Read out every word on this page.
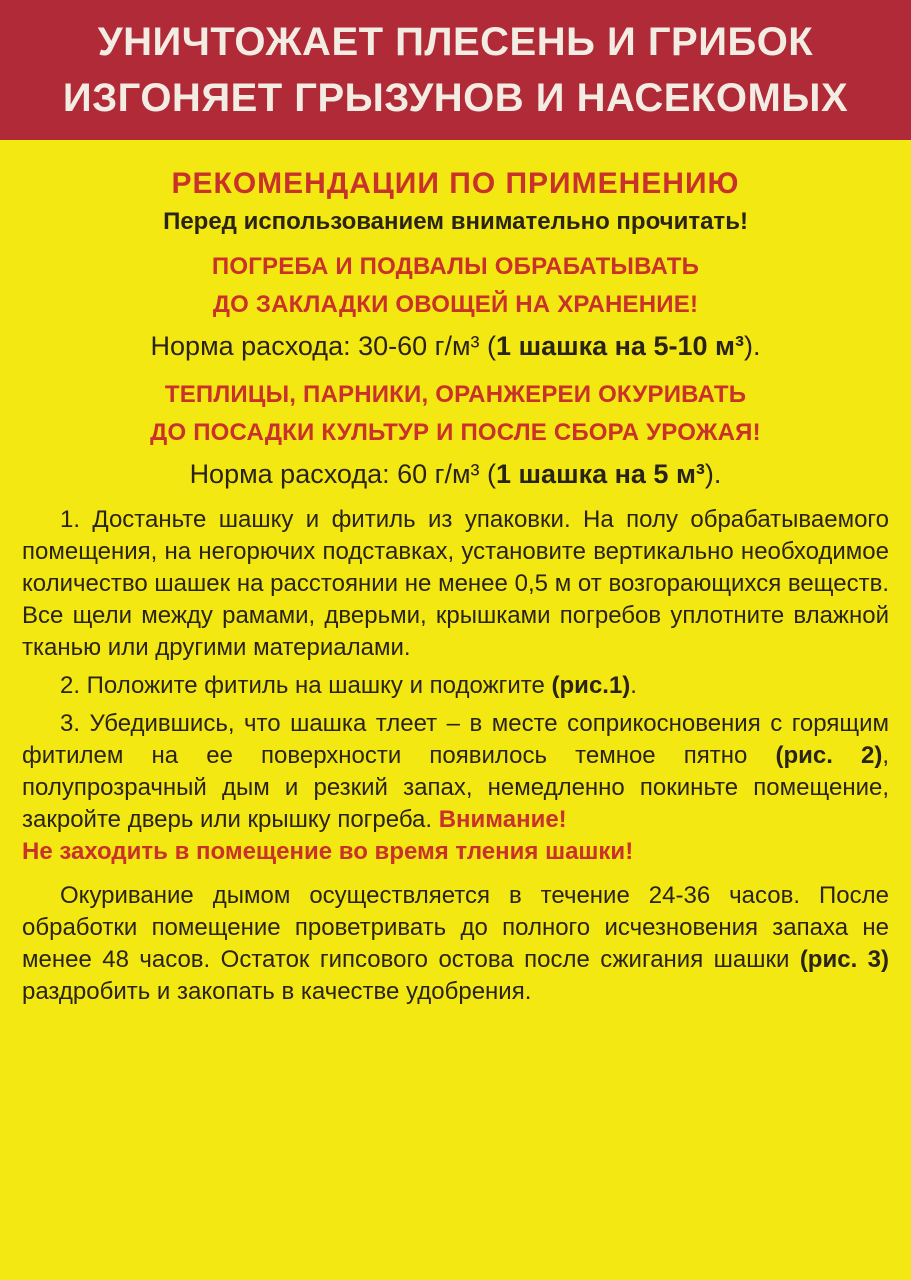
УНИЧТОЖАЕТ ПЛЕСЕНЬ И ГРИБОК
ИЗГОНЯЕТ ГРЫЗУНОВ И НАСЕКОМЫХ
РЕКОМЕНДАЦИИ ПО ПРИМЕНЕНИЮ
Перед использованием внимательно прочитать!
ПОГРЕБА И ПОДВАЛЫ ОБРАБАТЫВАТЬ
ДО ЗАКЛАДКИ ОВОЩЕЙ НА ХРАНЕНИЕ!
Норма расхода: 30-60 г/м³ (1 шашка на 5-10 м³).
ТЕПЛИЦЫ, ПАРНИКИ, ОРАНЖЕРЕИ ОКУРИВАТЬ
ДО ПОСАДКИ КУЛЬТУР И ПОСЛЕ СБОРА УРОЖАЯ!
Норма расхода: 60 г/м³ (1 шашка на 5 м³).

1. Достаньте шашку и фитиль из упаковки. На полу обрабатываемого помещения, на негорючих подставках, установите вертикально необходимое количество шашек на расстоянии не менее 0,5 м от возгорающихся веществ. Все щели между рамами, дверьми, крышками погребов уплотните влажной тканью или другими материалами.

2. Положите фитиль на шашку и подожгите (рис.1).

3. Убедившись, что шашка тлеет – в месте соприкосновения с горящим фитилем на ее поверхности появилось темное пятно (рис. 2), полупрозрачный дым и резкий запах, немедленно покиньте помещение, закройте дверь или крышку погреба. Внимание!
Не заходить в помещение во время тления шашки!

Окуривание дымом осуществляется в течение 24-36 часов. После обработки помещение проветривать до полного исчезновения запаха не менее 48 часов. Остаток гипсового остова после сжигания шашки (рис. 3) раздробить и закопать в качестве удобрения.
